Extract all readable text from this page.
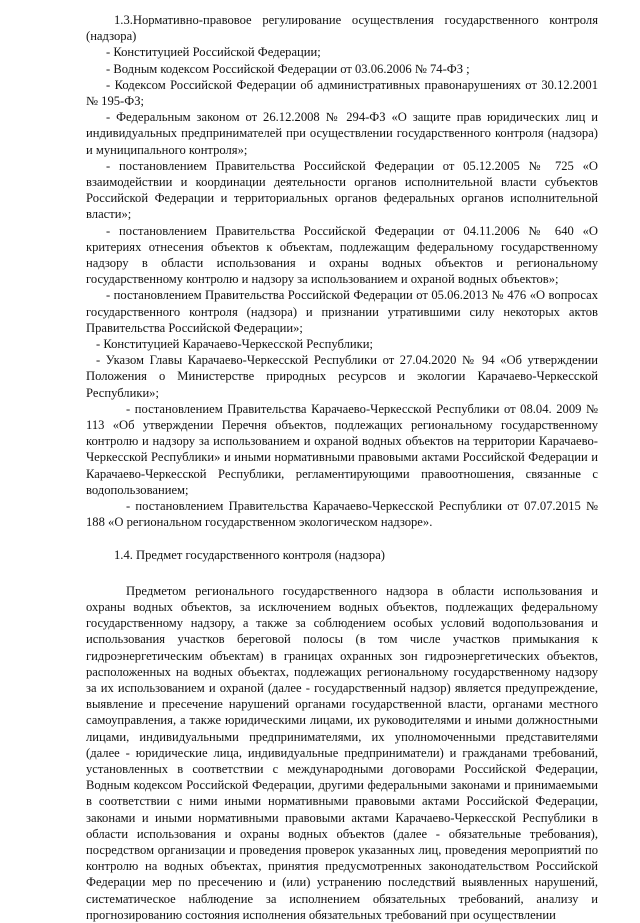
1.3.Нормативно-правовое регулирование осуществления государственного контроля (надзора)

- Конституцией Российской Федерации;

- Водным кодексом Российской Федерации от 03.06.2006 № 74-ФЗ ;

- Кодексом Российской Федерации об административных правонарушениях от 30.12.2001 № 195-ФЗ;

- Федеральным законом от 26.12.2008 № 294-ФЗ «О защите прав юридических лиц и индивидуальных предпринимателей при осуществлении государственного контроля (надзора) и муниципального контроля»;

- постановлением Правительства Российской Федерации от 05.12.2005 № 725 «О взаимодействии и координации деятельности органов исполнительной власти субъектов Российской Федерации и территориальных органов федеральных органов исполнительной власти»;

- постановлением Правительства Российской Федерации от 04.11.2006 № 640 «О критериях отнесения объектов к объектам, подлежащим федеральному государственному надзору в области использования и охраны водных объектов и региональному государственному контролю и надзору за использованием и охраной водных объектов»;

- постановлением Правительства Российской Федерации от 05.06.2013 № 476 «О вопросах государственного контроля (надзора) и признании утратившими силу некоторых актов Правительства Российской Федерации»;

- Конституцией Карачаево-Черкесской Республики;

- Указом Главы Карачаево-Черкесской Республики от 27.04.2020 № 94 «Об утверждении Положения о Министерстве природных ресурсов и экологии Карачаево-Черкесской Республики»;

- постановлением Правительства Карачаево-Черкесской Республики от 08.04. 2009 № 113 «Об утверждении Перечня объектов, подлежащих региональному государственному контролю и надзору за использованием и охраной водных объектов на территории Карачаево-Черкесской Республики» и иными нормативными правовыми актами Российской Федерации и Карачаево-Черкесской Республики, регламентирующими правоотношения, связанные с водопользованием;

- постановлением Правительства Карачаево-Черкесской Республики от 07.07.2015 № 188 «О региональном государственном экологическом надзоре».

1.4. Предмет государственного контроля (надзора)

Предметом регионального государственного надзора в области использования и охраны водных объектов, за исключением водных объектов, подлежащих федеральному государственному надзору, а также за соблюдением особых условий водопользования и использования участков береговой полосы (в том числе участков примыкания к гидроэнергетическим объектам) в границах охранных зон гидроэнергетических объектов, расположенных на водных объектах, подлежащих региональному государственному надзору за их использованием и охраной (далее - государственный надзор) является предупреждение, выявление и пресечение нарушений органами государственной власти, органами местного самоуправления, а также юридическими лицами, их руководителями и иными должностными лицами, индивидуальными предпринимателями, их уполномоченными представителями (далее - юридические лица, индивидуальные предприниматели) и гражданами требований, установленных в соответствии с международными договорами Российской Федерации, Водным кодексом Российской Федерации, другими федеральными законами и принимаемыми в соответствии с ними иными нормативными правовыми актами Российской Федерации, законами и иными нормативными правовыми актами Карачаево-Черкесской Республики в области использования и охраны водных объектов (далее - обязательные требования), посредством организации и проведения проверок указанных лиц, проведения мероприятий по контролю на водных объектах, принятия предусмотренных законодательством Российской Федерации мер по пресечению и (или) устранению последствий выявленных нарушений, систематическое наблюдение за исполнением обязательных требований, анализу и прогнозированию состояния исполнения обязательных требований при осуществлении
